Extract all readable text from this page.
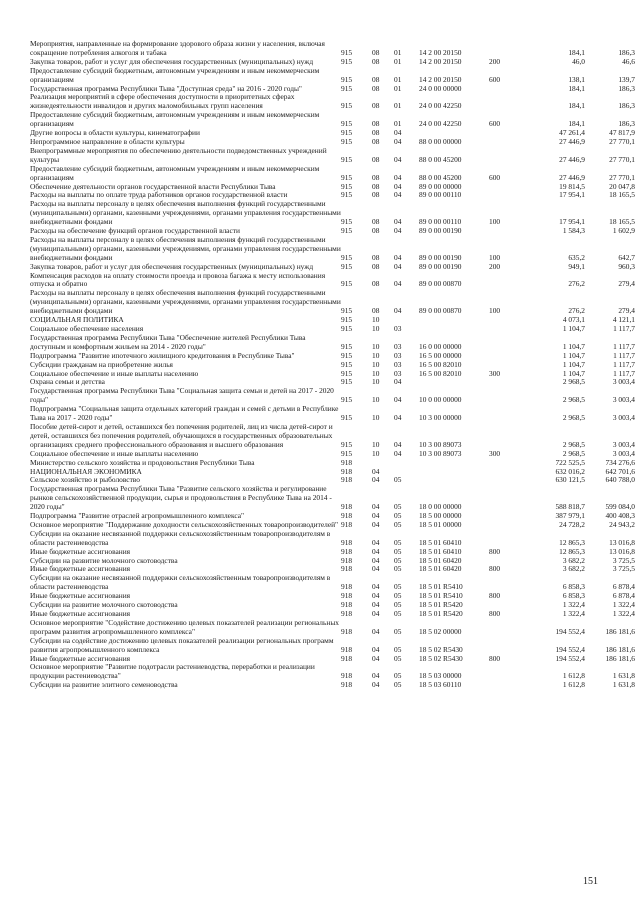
Мероприятия, направленные на формирование здорового образа жизни у населения, включая сокращение потребления алкоголя и табака	915	08	01	14 2 00 20150		184,1	186,3
Закупка товаров, работ и услуг для обеспечения государственных (муниципальных) нужд	915	08	01	14 2 00 20150	200	46,0	46,6
Предоставление субсидий бюджетным, автономным учреждениям и иным некоммерческим организациям	915	08	01	14 2 00 20150	600	138,1	139,7
Государственная программа Республики Тыва "Доступная среда" на 2016 - 2020 годы"	915	08	01	24 0 00 00000		184,1	186,3
Реализация мероприятий в сфере обеспечения доступности в приоритетных сферах жизнедеятельности инвалидов и других маломобильных групп населения	915	08	01	24 0 00 42250		184,1	186,3
Предоставление субсидий бюджетным, автономным учреждениям и иным некоммерческим организациям	915	08	01	24 0 00 42250	600	184,1	186,3
Другие вопросы в области культуры, кинематографии	915	08	04			47 261,4	47 817,9
Непрограммное направление в области культуры	915	08	04	88 0 00 00000		27 446,9	27 770,1
Внепрограммные мероприятия по обеспечению деятельности подведомственных учреждений культуры	915	08	04	88 0 00 45200		27 446,9	27 770,1
Предоставление субсидий бюджетным, автономным учреждениям и иным некоммерческим организациям	915	08	04	88 0 00 45200	600	27 446,9	27 770,1
Обеспечение деятельности органов государственной власти Республики Тыва	915	08	04	89 0 00 00000		19 814,5	20 047,8
Расходы на выплаты по оплате труда работников органов государственной власти	915	08	04	89 0 00 00110		17 954,1	18 165,5
Расходы на выплаты персоналу в целях обеспечения выполнения функций государственными (муниципальными) органами, казенными учреждениями, органами управления государственными внебюджетными фондами	915	08	04	89 0 00 00110	100	17 954,1	18 165,5
Расходы на обеспечение функций органов государственной власти	915	08	04	89 0 00 00190		1 584,3	1 602,9
Расходы на выплаты персоналу в целях обеспечения выполнения функций государственными (муниципальными) органами, казенными учреждениями, органами управления государственными внебюджетными фондами	915	08	04	89 0 00 00190	100	635,2	642,7
Закупка товаров, работ и услуг для обеспечения государственных (муниципальных) нужд	915	08	04	89 0 00 00190	200	949,1	960,3
Компенсация расходов на оплату стоимости проезда и провоза багажа к месту использования отпуска и обратно	915	08	04	89 0 00 00870		276,2	279,4
Расходы на выплаты персоналу в целях обеспечения выполнения функций государственными (муниципальными) органами, казенными учреждениями, органами управления государственными внебюджетными фондами	915	08	04	89 0 00 00870	100	276,2	279,4
СОЦИАЛЬНАЯ ПОЛИТИКА	915	10				4 073,1	4 121,1
Социальное обеспечение населения	915	10	03			1 104,7	1 117,7
Государственная программа Республики Тыва "Обеспечение жителей Республики Тыва доступным и комфортным жильем на 2014 - 2020 годы"	915	10	03	16 0 00 00000		1 104,7	1 117,7
Подпрограмма "Развитие ипотечного жилищного кредитования в Республике Тыва"	915	10	03	16 5 00 00000		1 104,7	1 117,7
Субсидии гражданам на приобретение жилья	915	10	03	16 5 00 82010		1 104,7	1 117,7
Социальное обеспечение и иные выплаты населению	915	10	03	16 5 00 82010	300	1 104,7	1 117,7
Охрана семьи и детства	915	10	04			2 968,5	3 003,4
Государственная программа Республики Тыва "Социальная защита семьи и детей на 2017 - 2020 годы"	915	10	04	10 0 00 00000		2 968,5	3 003,4
Подпрограмма "Социальная защита отдельных категорий граждан и семей с детьми в Республике Тыва на 2017 - 2020 годы"	915	10	04	10 3 00 00000		2 968,5	3 003,4
Пособие детей-сирот и детей, оставшихся без попечения родителей, лиц из числа детей-сирот и детей, оставшихся без попечения родителей, обучающихся в государственных образовательных организациях среднего профессионального образования и высшего образования	915	10	04	10 3 00 89073		2 968,5	3 003,4
Социальное обеспечение и иные выплаты населению	915	10	04	10 3 00 89073	300	2 968,5	3 003,4
Министерство сельского хозяйства и продовольствия Республики Тыва	918					722 525,5	734 276,6
НАЦИОНАЛЬНАЯ ЭКОНОМИКА	918	04				632 016,2	642 701,6
Сельское хозяйство и рыболовство	918	04	05			630 121,5	640 788,0
Государственная программа Республики Тыва "Развитие сельского хозяйства и регулирование рынков сельскохозяйственной продукции, сырья и продовольствия в Республике Тыва на 2014 - 2020 годы"	918	04	05	18 0 00 00000		588 818,7	599 084,0
Подпрограмма "Развитие отраслей агропромышленного комплекса"	918	04	05	18 5 00 00000		387 979,1	400 408,3
Основное мероприятие "Поддержание доходности сельскохозяйственных товаропроизводителей"	918	04	05	18 5 01 00000		24 728,2	24 943,2
Субсидии на оказание несвязанной поддержки сельскохозяйственным товаропроизводителям в области растениеводства	918	04	05	18 5 01 60410		12 865,3	13 016,8
Иные бюджетные ассигнования	918	04	05	18 5 01 60410	800	12 865,3	13 016,8
Субсидии на развитие молочного скотоводства	918	04	05	18 5 01 60420		3 682,2	3 725,5
Иные бюджетные ассигнования	918	04	05	18 5 01 60420	800	3 682,2	3 725,5
Субсидии на оказание несвязанной поддержки сельскохозяйственным товаропроизводителям в области растениеводства	918	04	05	18 5 01 R5410		6 858,3	6 878,4
Иные бюджетные ассигнования	918	04	05	18 5 01 R5410	800	6 858,3	6 878,4
Субсидии на развитие молочного скотоводства	918	04	05	18 5 01 R5420		1 322,4	1 322,4
Иные бюджетные ассигнования	918	04	05	18 5 01 R5420	800	1 322,4	1 322,4
Основное мероприятие "Содействие достижению целевых показателей реализации региональных программ развития агропромышленного комплекса"	918	04	05	18 5 02 00000		194 552,4	186 181,6
Субсидии на содействие достижению целевых показателей реализации региональных программ развития агропромышленного комплекса	918	04	05	18 5 02 R5430		194 552,4	186 181,6
Иные бюджетные ассигнования	918	04	05	18 5 02 R5430	800	194 552,4	186 181,6
Основное мероприятие "Развитие подотрасли растениеводства, переработки и реализации продукции растениеводства"	918	04	05	18 5 03 00000		1 612,8	1 631,8
Субсидии на развитие элитного семеноводства	918	04	05	18 5 03 60110		1 612,8	1 631,8
151
